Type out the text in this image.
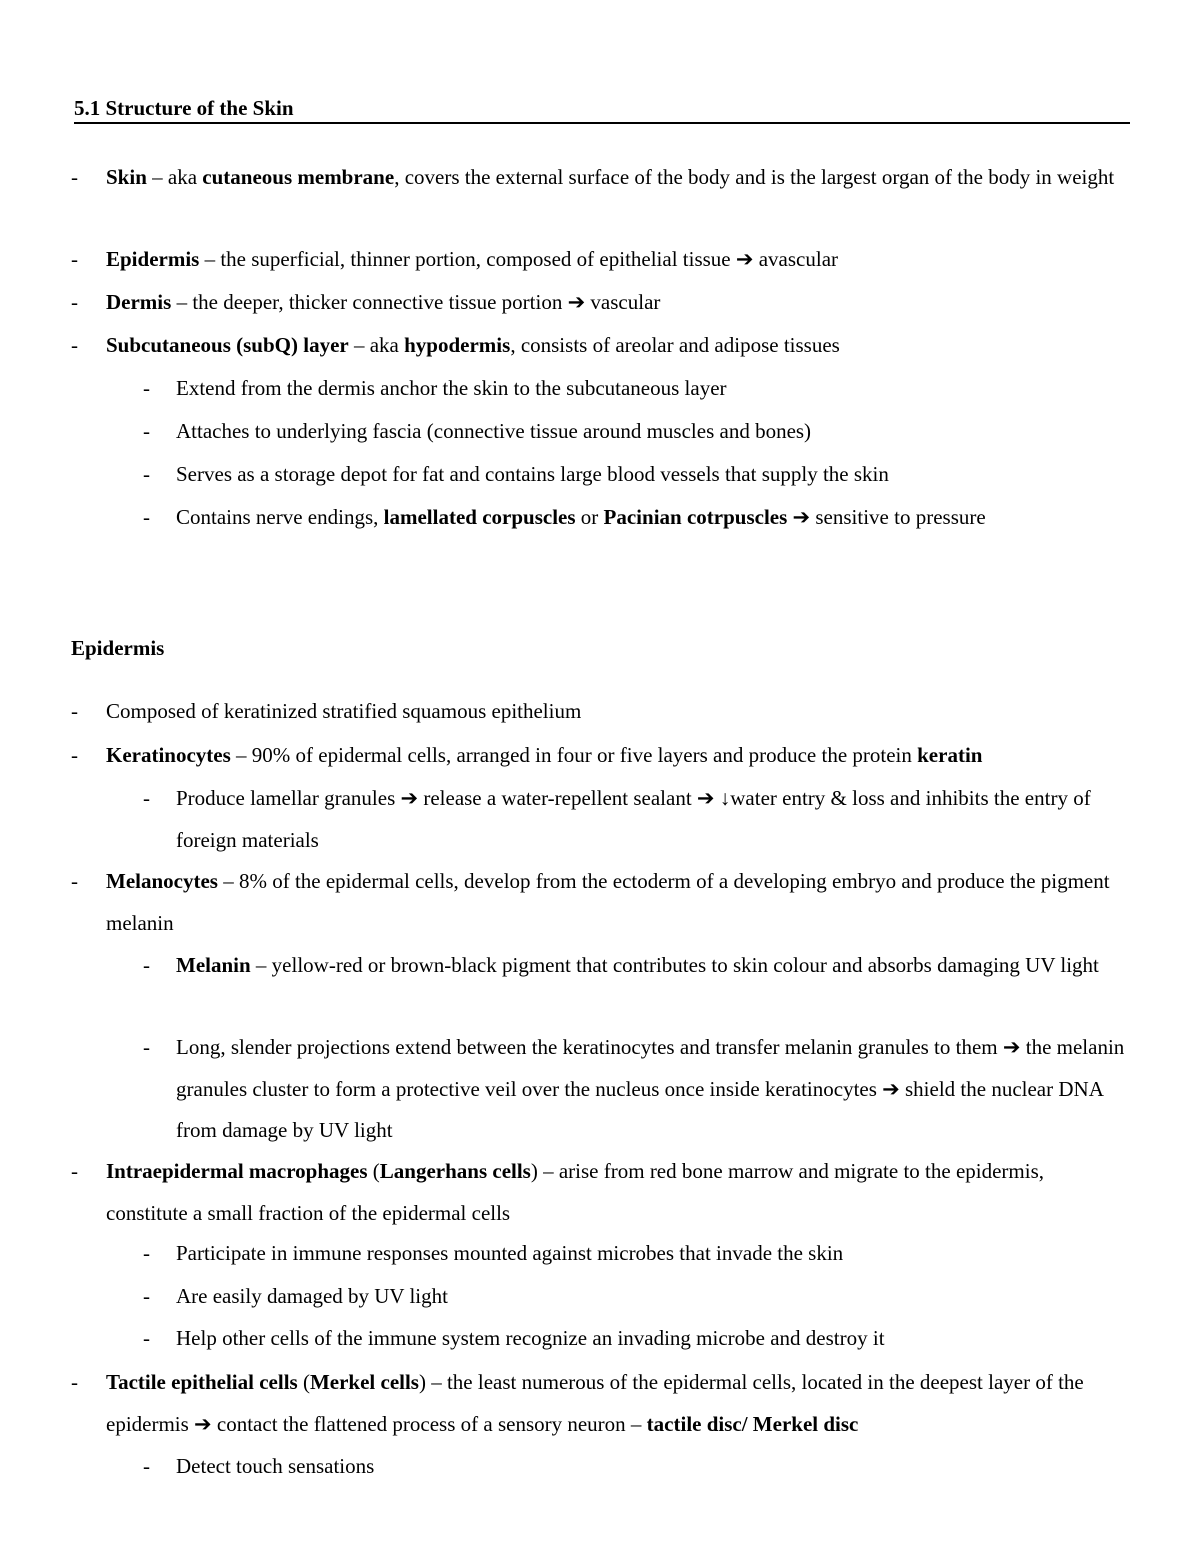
5.1 Structure of the Skin
- Skin – aka cutaneous membrane, covers the external surface of the body and is the largest organ of the body in weight
- Epidermis – the superficial, thinner portion, composed of epithelial tissue ➔ avascular
- Dermis – the deeper, thicker connective tissue portion ➔ vascular
- Subcutaneous (subQ) layer – aka hypodermis, consists of areolar and adipose tissues
- Extend from the dermis anchor the skin to the subcutaneous layer
- Attaches to underlying fascia (connective tissue around muscles and bones)
- Serves as a storage depot for fat and contains large blood vessels that supply the skin
- Contains nerve endings, lamellated corpuscles or Pacinian cotrpuscles ➔ sensitive to pressure
Epidermis
- Composed of keratinized stratified squamous epithelium
- Keratinocytes – 90% of epidermal cells, arranged in four or five layers and produce the protein keratin
- Produce lamellar granules ➔ release a water-repellent sealant ➔ ↓water entry & loss and inhibits the entry of foreign materials
- Melanocytes – 8% of the epidermal cells, develop from the ectoderm of a developing embryo and produce the pigment melanin
- Melanin – yellow-red or brown-black pigment that contributes to skin colour and absorbs damaging UV light
- Long, slender projections extend between the keratinocytes and transfer melanin granules to them ➔ the melanin granules cluster to form a protective veil over the nucleus once inside keratinocytes ➔ shield the nuclear DNA from damage by UV light
- Intraepidermal macrophages (Langerhans cells) – arise from red bone marrow and migrate to the epidermis, constitute a small fraction of the epidermal cells
- Participate in immune responses mounted against microbes that invade the skin
- Are easily damaged by UV light
- Help other cells of the immune system recognize an invading microbe and destroy it
- Tactile epithelial cells (Merkel cells) – the least numerous of the epidermal cells, located in the deepest layer of the epidermis ➔ contact the flattened process of a sensory neuron – tactile disc/ Merkel disc
- Detect touch sensations
